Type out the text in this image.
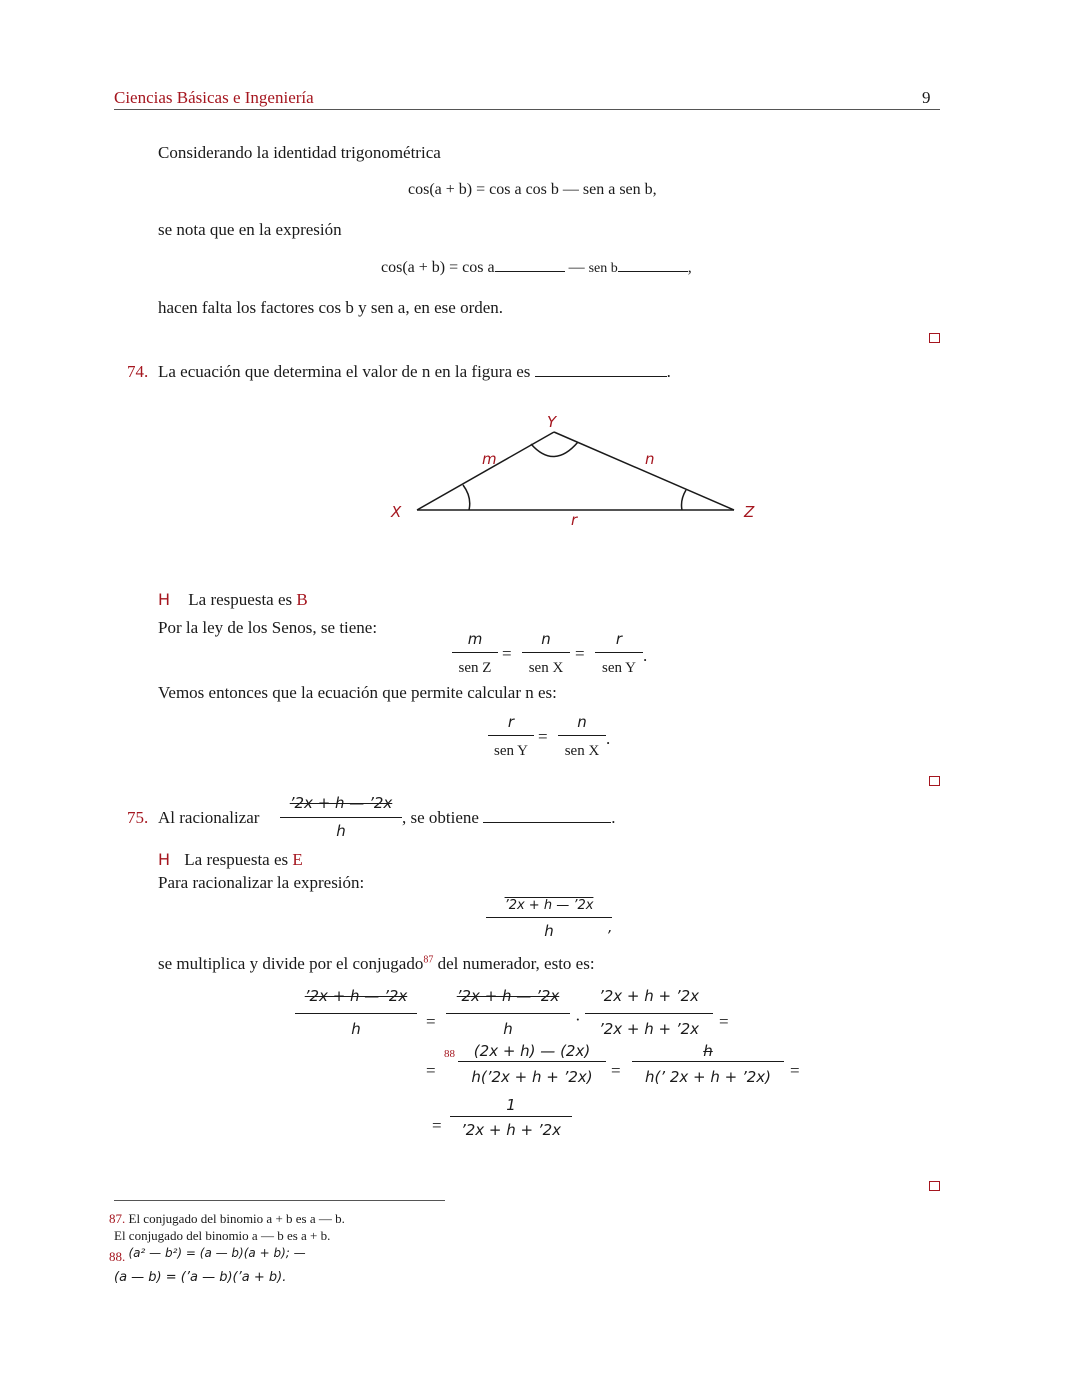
Ciencias Básicas e Ingeniería	9
Considerando la identidad trigonométrica
cos(a + b) = cos a cos b — sen a sen b,
se nota que en la expresión
cos(a + b) = cos a	— sen b	,
hacen falta los factores cos b y sen a, en ese orden.
74. La ecuación que determina el valor de n en la figura es	.
X
Y
Z
m	n
r
H La respuesta es B
Por la ley de los Senos, se tiene:
m
sen Z
=
n
sen X
=
r
sen Y
.
Vemos entonces que la ecuación que permite calcular n es:
r
sen Y
=
n
sen X
.
75. Al racionalizar
’2x + h — ’2x
h
, se obtiene	.
H La respuesta es E
Para racionalizar la expresión:
’2x + h — ’2x
h	,
se multiplica y divide por el conjugado$^{87}$ del numerador, esto es:
’2x + h — ’2x
h	=
’2x + h — ’2x
h	·
’2x + h + ’2x
’2x + h + ’2x	=
=
88	(2x + h) — (2x)
h(’2x + h + ’2x)	=
h
h(’ 2x + h + ’2x)	=
=
1
’2x + h + ’2x
87. El conjugado del binomio a + b es a — b.
El conjugado del binomio a — b es a + b.
88. (a² — b²) = (a — b)(a + b); —
(a — b) = (’a — b)(’a + b).
